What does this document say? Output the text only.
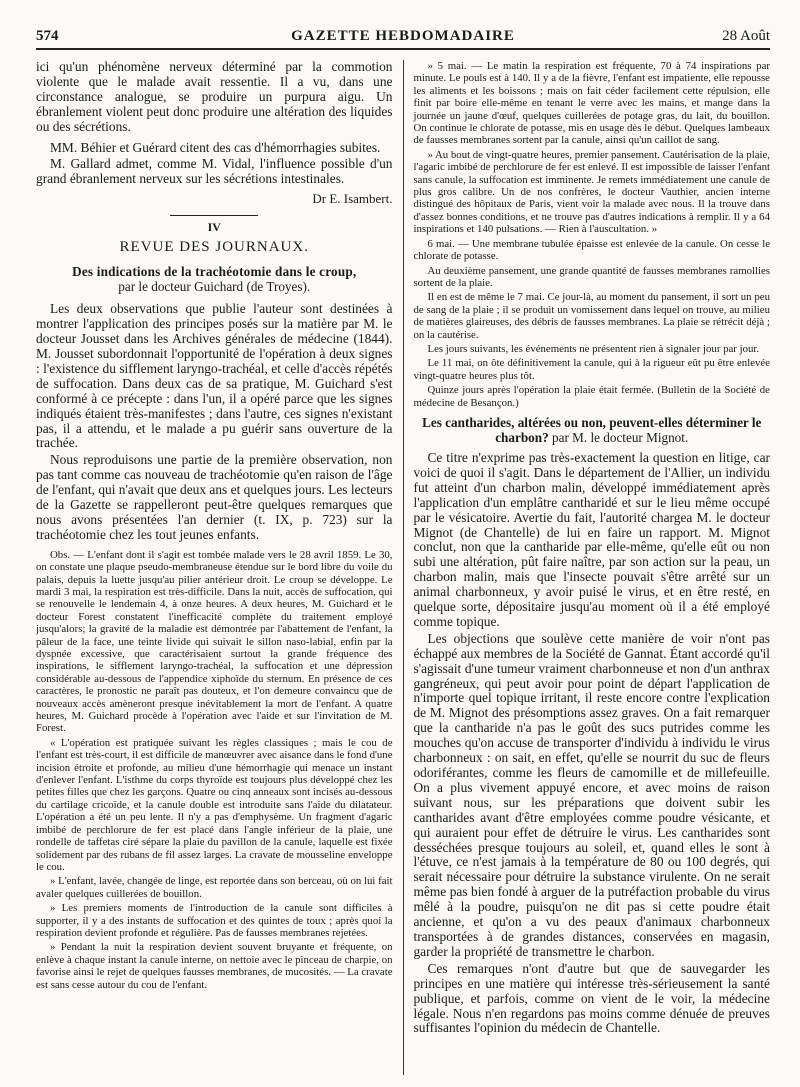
574	GAZETTE HEBDOMADAIRE	28 Août

ici qu'un phénomène nerveux déterminé par la commotion violente que le malade avait ressentie. Il a vu, dans une circonstance analogue, se produire un purpura aigu. Un ébranlement violent peut donc produire une altération des liquides ou des sécrétions.

MM. Béhier et Guérard citent des cas d'hémorrhagies subites.

M. Gallard admet, comme M. Vidal, l'influence possible d'un grand ébranlement nerveux sur les sécrétions intestinales.

Dr E. Isambert.
IV
REVUE DES JOURNAUX.
Des indications de la trachéotomie dans le croup,
par le docteur Guichard (de Troyes).

Les deux observations que publie l'auteur sont destinées à montrer l'application des principes posés sur la matière par M. le docteur Jousset dans les Archives générales de médecine (1844). M. Jousset subordonnait l'opportunité de l'opération à deux signes : l'existence du sifflement laryngo-trachéal, et celle d'accès répétés de suffocation. Dans deux cas de sa pratique, M. Guichard s'est conformé à ce précepte : dans l'un, il a opéré parce que les signes indiqués étaient très-manifestes ; dans l'autre, ces signes n'existant pas, il a attendu, et le malade a pu guérir sans ouverture de la trachée.

Nous reproduisons une partie de la première observation, non pas tant comme cas nouveau de trachéotomie qu'en raison de l'âge de l'enfant, qui n'avait que deux ans et quelques jours. Les lecteurs de la Gazette se rappelleront peut-être quelques remarques que nous avons présentées l'an dernier (t. IX, p. 723) sur la trachéotomie chez les tout jeunes enfants.

Obs. — L'enfant dont il s'agit est tombée malade vers le 28 avril 1859. Le 30, on constate une plaque pseudo-membraneuse étendue sur le bord libre du voile du palais, depuis la luette jusqu'au pilier antérieur droit. Le croup se développe. Le mardi 3 mai, la respiration est très-difficile. Dans la nuit, accès de suffocation, qui se renouvelle le lendemain 4, à onze heures. A deux heures, M. Guichard et le docteur Forest constatent l'inefficacité complète du traitement employé jusqu'alors; la gravité de la maladie est démontrée par l'abattement de l'enfant, la pâleur de la face, une teinte livide qui suivait le sillon naso-labial, enfin par la dyspnée excessive, que caractérisaient surtout la grande fréquence des inspirations, le sifflement laryngo-trachéal, la suffocation et une dépression considérable au-dessous de l'appendice xiphoïde du sternum. En présence de ces caractères, le pronostic ne paraît pas douteux, et l'on demeure convaincu que de nouveaux accès amèneront presque inévitablement la mort de l'enfant. A quatre heures, M. Guichard procède à l'opération avec l'aide et sur l'invitation de M. Forest.

« L'opération est pratiquée suivant les règles classiques ; mais le cou de l'enfant est très-court, il est difficile de manœuvrer avec aisance dans le fond d'une incision étroite et profonde, au milieu d'une hémorrhagie qui menace un instant d'enlever l'enfant. L'isthme du corps thyroïde est toujours plus développé chez les petites filles que chez les garçons. Quatre ou cinq anneaux sont incisés au-dessous du cartilage cricoïde, et la canule double est introduite sans l'aide du dilatateur. L'opération a été un peu lente. Il n'y a pas d'emphysème. Un fragment d'agaric imbibé de perchlorure de fer est placé dans l'angle inférieur de la plaie, une rondelle de taffetas ciré sépare la plaie du pavillon de la canule, laquelle est fixée solidement par des rubans de fil assez larges. La cravate de mousseline enveloppe le cou.

» L'enfant, lavée, changée de linge, est reportée dans son berceau, où on lui fait avaler quelques cuillerées de bouillon.

» Les premiers moments de l'introduction de la canule sont difficiles à supporter, il y a des instants de suffocation et des quintes de toux ; après quoi la respiration devient profonde et régulière. Pas de fausses membranes rejetées.

» Pendant la nuit la respiration devient souvent bruyante et fréquente, on enlève à chaque instant la canule interne, on nettoie avec le pinceau de charpie, on favorise ainsi le rejet de quelques fausses membranes, de mucosités. — La cravate est sans cesse autour du cou de l'enfant.

» 5 mai. — Le matin la respiration est fréquente, 70 à 74 inspirations par minute. Le pouls est à 140. Il y a de la fièvre, l'enfant est impatiente, elle repousse les aliments et les boissons ; mais on fait céder facilement cette répulsion, elle finit par boire elle-même en tenant le verre avec les mains, et mange dans la journée un jaune d'œuf, quelques cuillerées de potage gras, du lait, du bouillon. On continue le chlorate de potasse, mis en usage dès le début. Quelques lambeaux de fausses membranes sortent par la canule, ainsi qu'un caillot de sang.

» Au bout de vingt-quatre heures, premier pansement. Cautérisation de la plaie, l'agaric imbibé de perchlorure de fer est enlevé. Il est impossible de laisser l'enfant sans canule, la suffocation est imminente. Je remets immédiatement une canule de plus gros calibre. Un de nos confrères, le docteur Vauthier, ancien interne distingué des hôpitaux de Paris, vient voir la malade avec nous. Il la trouve dans d'assez bonnes conditions, et ne trouve pas d'autres indications à remplir. Il y a 64 inspirations et 140 pulsations. — Rien à l'auscultation. »

6 mai. — Une membrane tubulée épaisse est enlevée de la canule. On cesse le chlorate de potasse.

Au deuxième pansement, une grande quantité de fausses membranes ramollies sortent de la plaie.

Il en est de même le 7 mai. Ce jour-là, au moment du pansement, il sort un peu de sang de la plaie ; il se produit un vomissement dans lequel on trouve, au milieu de matières glaireuses, des débris de fausses membranes. La plaie se rétrécit déjà ; on la cautérise.

Les jours suivants, les événements ne présentent rien à signaler jour par jour.

Le 11 mai, on ôte définitivement la canule, qui à la rigueur eût pu être enlevée vingt-quatre heures plus tôt.

Quinze jours après l'opération la plaie était fermée. (Bulletin de la Société de médecine de Besançon.)

Les cantharides, altérées ou non, peuvent-elles déterminer le charbon? par M. le docteur Mignot.

Ce titre n'exprime pas très-exactement la question en litige, car voici de quoi il s'agit. Dans le département de l'Allier, un individu fut atteint d'un charbon malin, développé immédiatement après l'application d'un emplâtre cantharidé et sur le lieu même occupé par le vésicatoire. Avertie du fait, l'autorité chargea M. le docteur Mignot (de Chantelle) de lui en faire un rapport. M. Mignot conclut, non que la cantharide par elle-même, qu'elle eût ou non subi une altération, pût faire naître, par son action sur la peau, un charbon malin, mais que l'insecte pouvait s'être arrêté sur un animal charbonneux, y avoir puisé le virus, et en être resté, en quelque sorte, dépositaire jusqu'au moment où il a été employé comme topique.

Les objections que soulève cette manière de voir n'ont pas échappé aux membres de la Société de Gannat. Étant accordé qu'il s'agissait d'une tumeur vraiment charbonneuse et non d'un anthrax gangréneux, qui peut avoir pour point de départ l'application de n'importe quel topique irritant, il reste encore contre l'explication de M. Mignot des présomptions assez graves. On a fait remarquer que la cantharide n'a pas le goût des sucs putrides comme les mouches qu'on accuse de transporter d'individu à individu le virus charbonneux : on sait, en effet, qu'elle se nourrit du suc de fleurs odoriférantes, comme les fleurs de camomille et de millefeuille. On a plus vivement appuyé encore, et avec moins de raison suivant nous, sur les préparations que doivent subir les cantharides avant d'être employées comme poudre vésicante, et qui auraient pour effet de détruire le virus. Les cantharides sont desséchées presque toujours au soleil, et, quand elles le sont à l'étuve, ce n'est jamais à la température de 80 ou 100 degrés, qui serait nécessaire pour détruire la substance virulente. On ne serait même pas bien fondé à arguer de la putréfaction probable du virus mêlé à la poudre, puisqu'on ne dit pas si cette poudre était ancienne, et qu'on a vu des peaux d'animaux charbonneux transportées à de grandes distances, conservées en magasin, garder la propriété de transmettre le charbon.

Ces remarques n'ont d'autre but que de sauvegarder les principes en une matière qui intéresse très-sérieusement la santé publique, et parfois, comme on vient de le voir, la médecine légale. Nous n'en regardons pas moins comme dénuée de preuves suffisantes l'opinion du médecin de Chantelle.
